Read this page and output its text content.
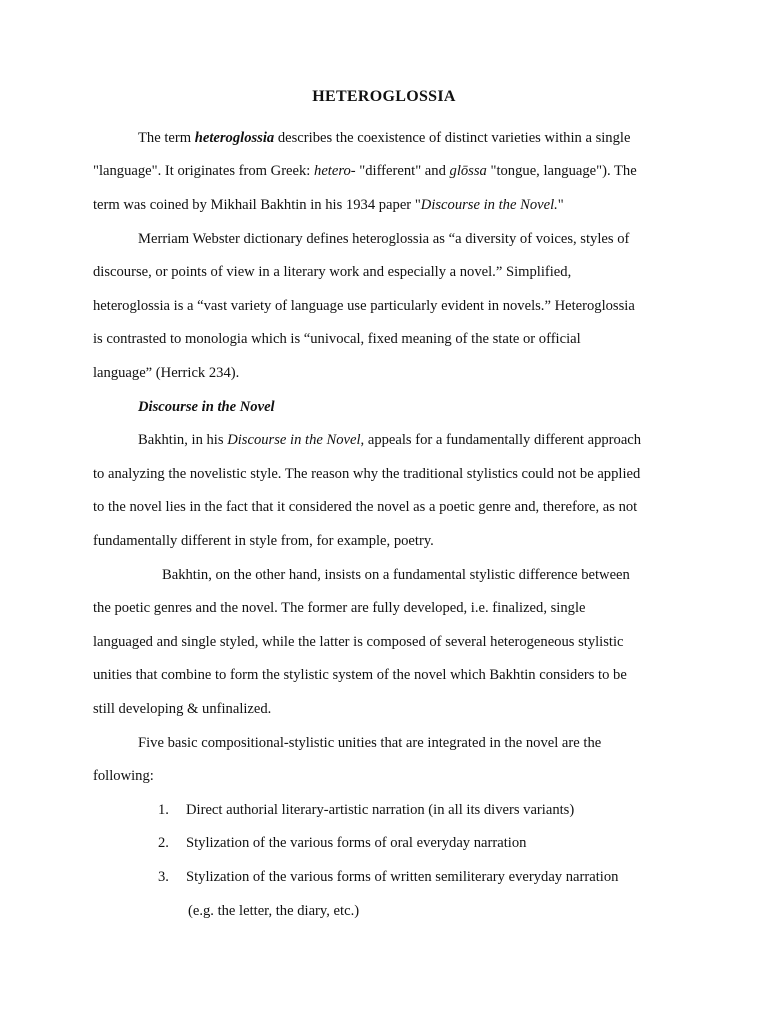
HETEROGLOSSIA
The term heteroglossia describes the coexistence of distinct varieties within a single
"language". It originates from Greek: hetero- "different" and glōssa "tongue, language"). The
term was coined by Mikhail Bakhtin in his 1934 paper "Discourse in the Novel."
Merriam Webster dictionary defines heteroglossia as “a diversity of voices, styles of
discourse, or points of view in a literary work and especially a novel.” Simplified,
heteroglossia is a “vast variety of language use particularly evident in novels.” Heteroglossia
is contrasted to monologia which is “univocal, fixed meaning of the state or official
language” (Herrick 234).
Discourse in the Novel
Bakhtin, in his Discourse in the Novel, appeals for a fundamentally different approach
to analyzing the novelistic style. The reason why the traditional stylistics could not be applied
to the novel lies in the fact that it considered the novel as a poetic genre and, therefore, as not
fundamentally different in style from, for example, poetry.
Bakhtin, on the other hand, insists on a fundamental stylistic difference between
the poetic genres and the novel. The former are fully developed, i.e. finalized, single
languaged and single styled, while the latter is composed of several heterogeneous stylistic
unities that combine to form the stylistic system of the novel which Bakhtin considers to be
still developing & unfinalized.
Five basic compositional-stylistic unities that are integrated in the novel are the
following:
1. Direct authorial literary-artistic narration (in all its divers variants)
2. Stylization of the various forms of oral everyday narration
3. Stylization of the various forms of written semiliterary everyday narration
(e.g. the letter, the diary, etc.)
